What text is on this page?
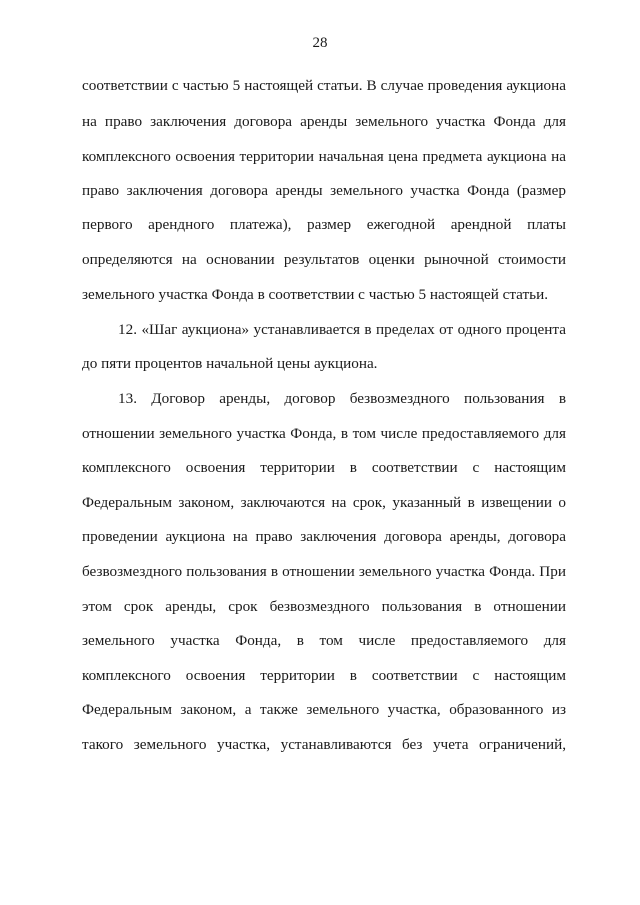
28
соответствии с частью 5 настоящей статьи. В случае проведения аукциона
на право заключения договора аренды земельного участка Фонда для
комплексного освоения территории начальная цена предмета аукциона на
право заключения договора аренды земельного участка Фонда (размер
первого арендного платежа), размер ежегодной арендной платы
определяются на основании результатов оценки рыночной стоимости
земельного участка Фонда в соответствии с частью 5 настоящей статьи.
12. «Шаг аукциона» устанавливается в пределах от одного процента
до пяти процентов начальной цены аукциона.
13. Договор аренды, договор безвозмездного пользования в
отношении земельного участка Фонда, в том числе предоставляемого для
комплексного освоения территории в соответствии с настоящим
Федеральным законом, заключаются на срок, указанный в извещении о
проведении аукциона на право заключения договора аренды, договора
безвозмездного пользования в отношении земельного участка Фонда. При
этом срок аренды, срок безвозмездного пользования в отношении
земельного участка Фонда, в том числе предоставляемого для
комплексного освоения территории в соответствии с настоящим
Федеральным законом, а также земельного участка, образованного из
такого земельного участка, устанавливаются без учета ограничений,
